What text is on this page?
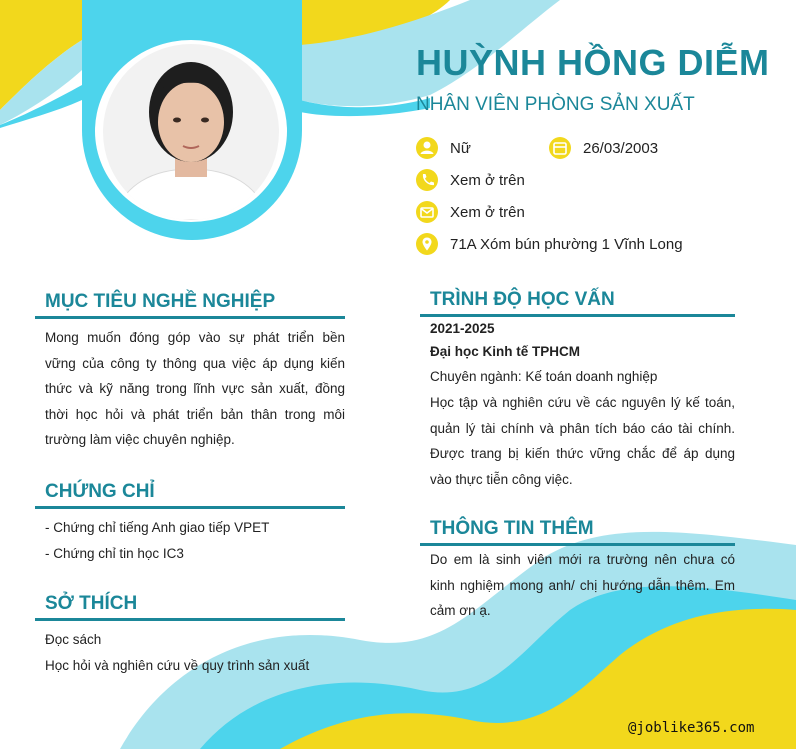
HUỲNH HỒNG DIỄM
NHÂN VIÊN PHÒNG SẢN XUẤT
Nữ	26/03/2003
Xem ở trên
Xem ở trên
71A Xóm bún phường 1 Vĩnh Long
MỤC TIÊU NGHỀ NGHIỆP
Mong muốn đóng góp vào sự phát triển bền
vững của công ty thông qua việc áp dụng kiến
thức và kỹ năng trong lĩnh vực sản xuất, đồng
thời học hỏi và phát triển bản thân trong môi
trường làm việc chuyên nghiệp.
CHỨNG CHỈ
- Chứng chỉ tiếng Anh giao tiếp VPET
- Chứng chỉ tin học IC3
SỞ THÍCH
Đọc sách
Học hỏi và nghiên cứu về quy trình sản xuất
TRÌNH ĐỘ HỌC VẤN
2021-2025
Đại học Kinh tế TPHCM
Chuyên ngành: Kế toán doanh nghiệp
Học tập và nghiên cứu về các nguyên lý kế toán,
quản lý tài chính và phân tích báo cáo tài chính.
Được trang bị kiến thức vững chắc để áp dụng
vào thực tiễn công việc.
THÔNG TIN THÊM
Do em là sinh viên mới ra trường nên chưa có
kinh nghiệm mong anh/ chị hướng dẫn thêm. Em
cảm ơn ạ.
@joblike365.com
